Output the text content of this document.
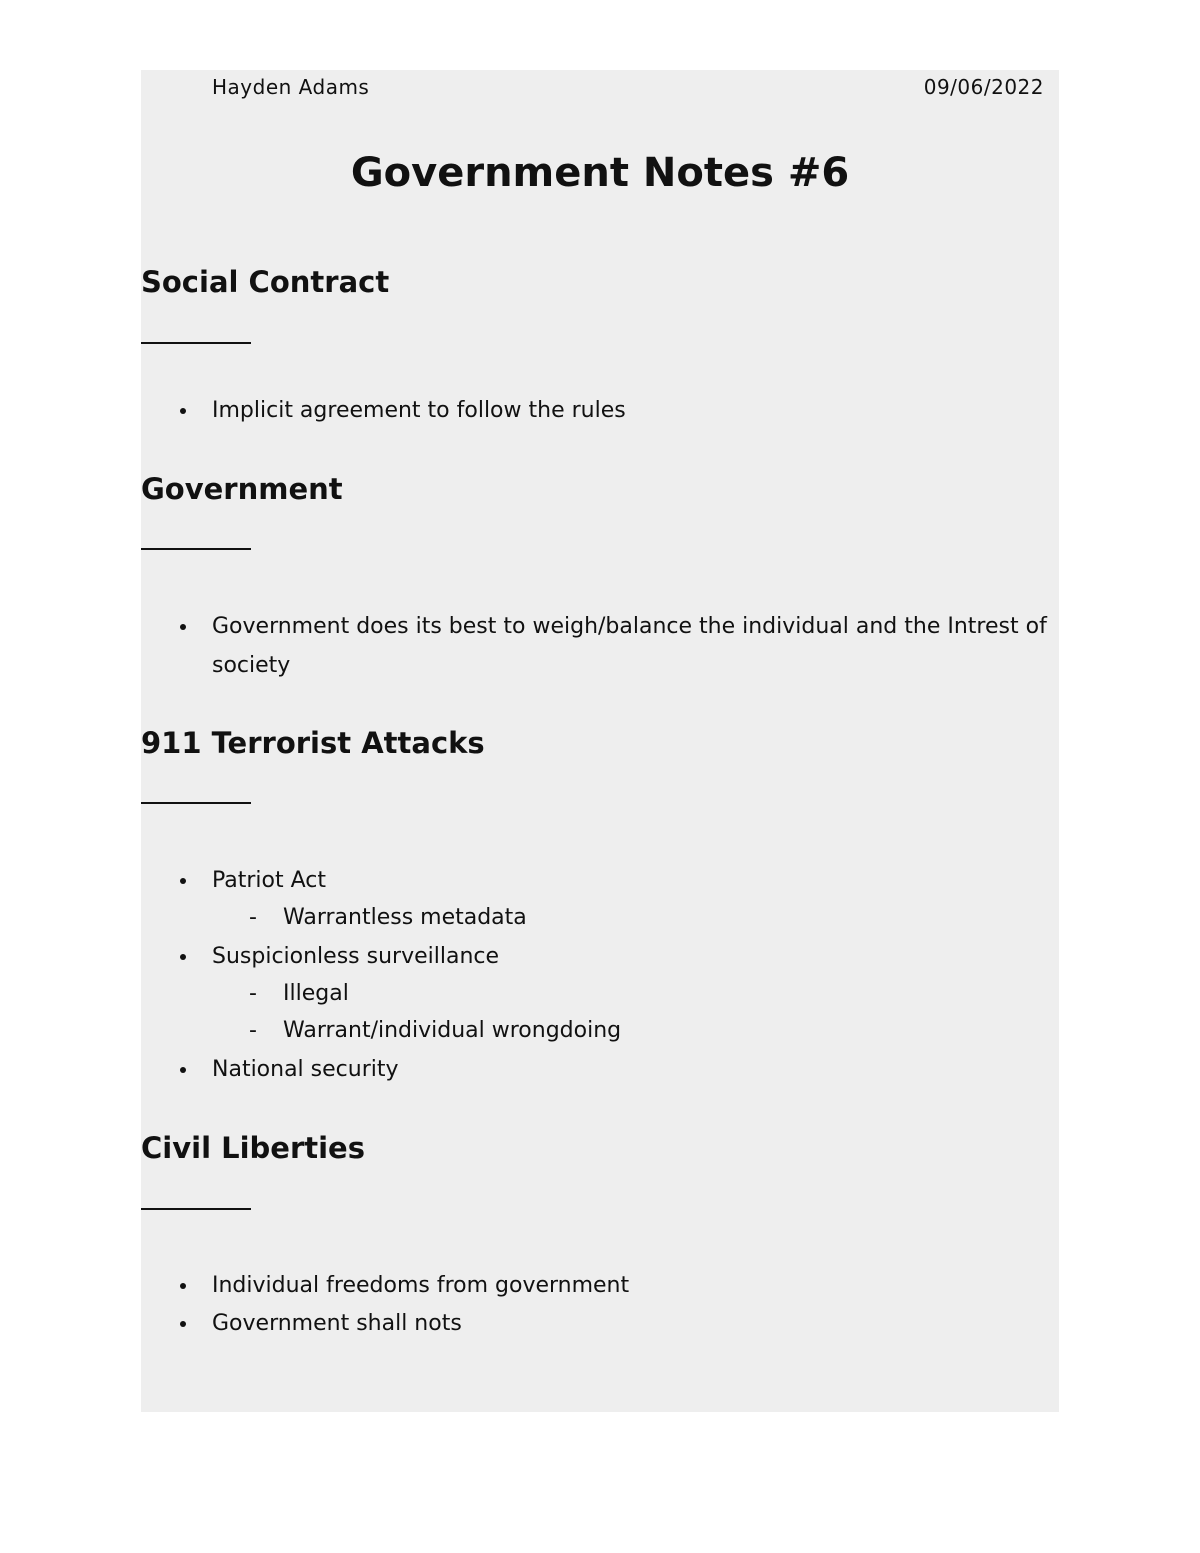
Hayden Adams	09/06/2022
Government Notes #6
Social Contract
Implicit agreement to follow the rules
Government
Government does its best to weigh/balance the individual and the Intrest of society
911 Terrorist Attacks
Patriot Act
- Warrantless metadata
Suspicionless surveillance
- Illegal
- Warrant/individual wrongdoing
National security
Civil Liberties
Individual freedoms from government
Government shall nots
